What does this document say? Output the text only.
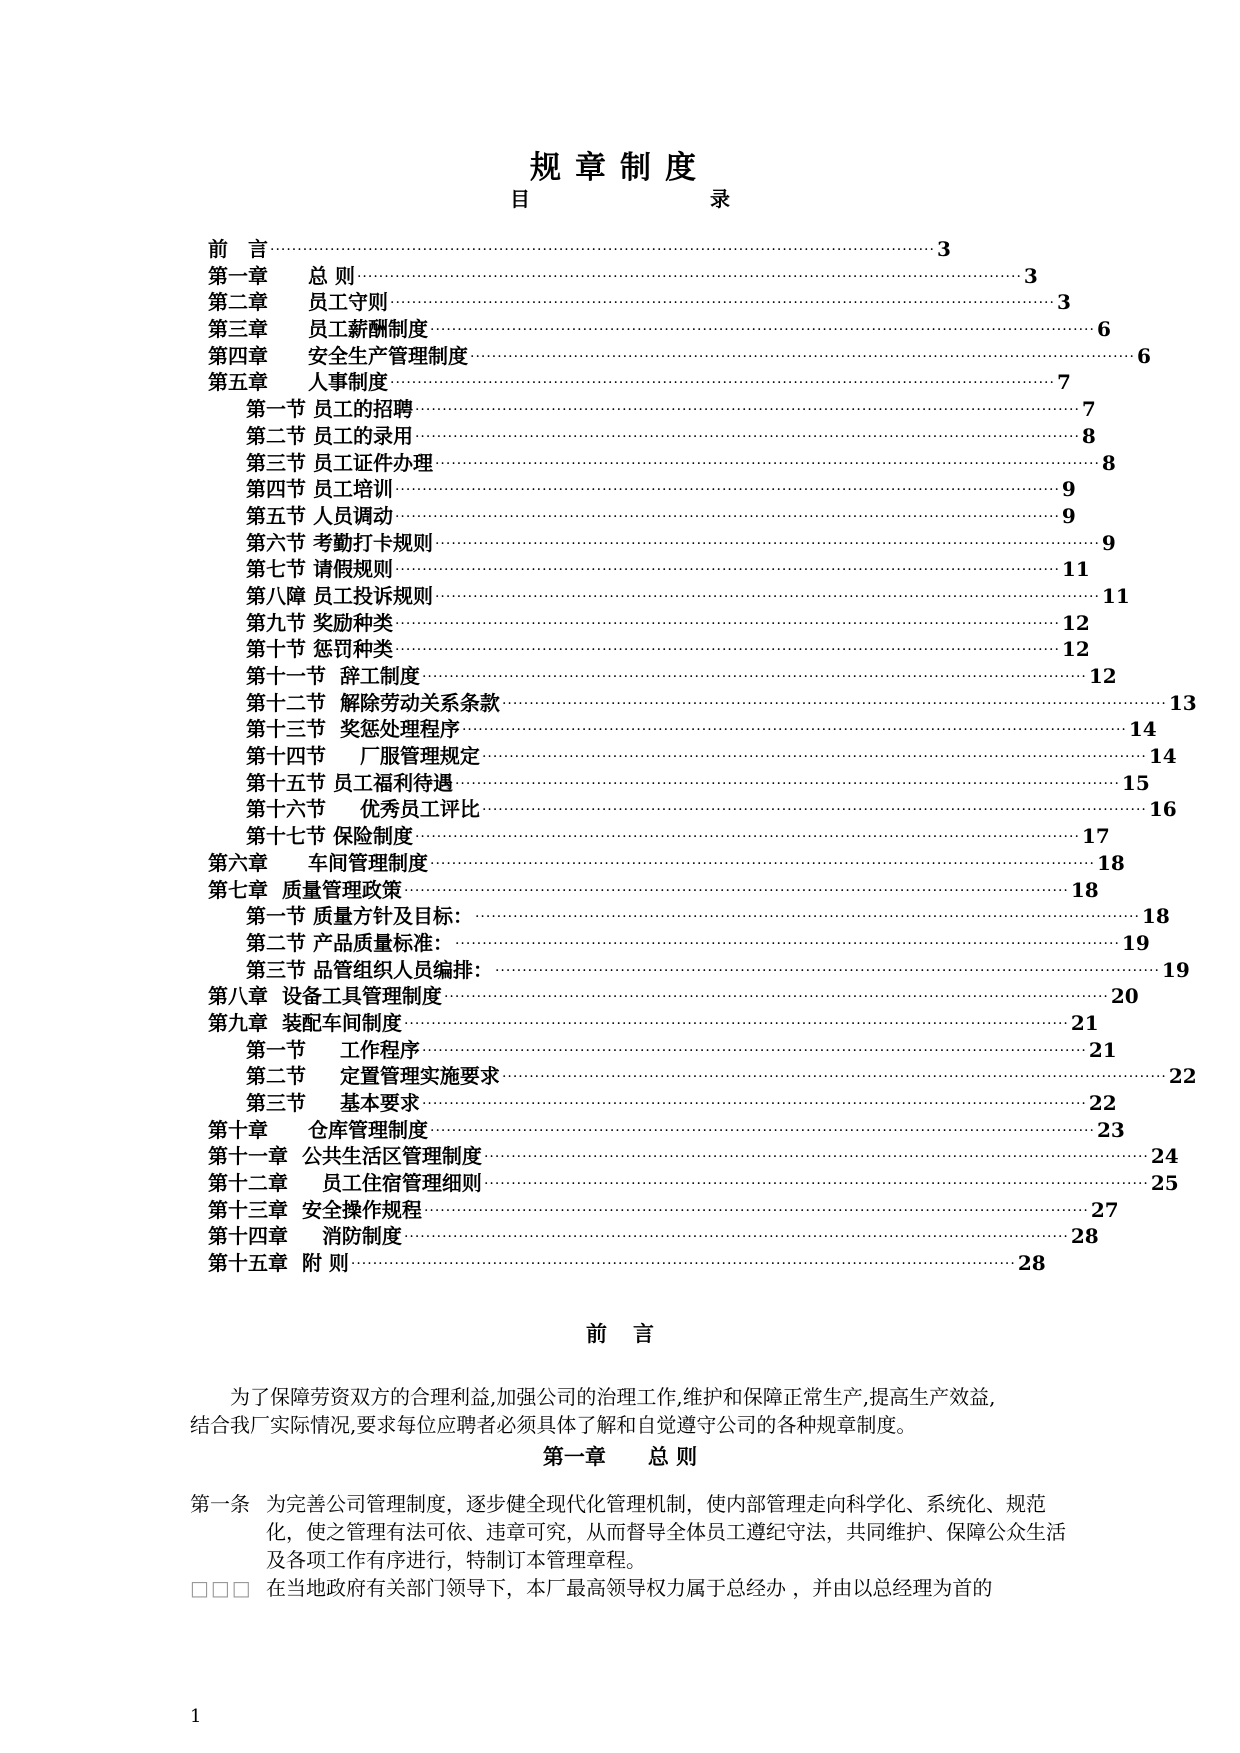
规章制度
目	录
前　言 ·························································································································· 3
第一章
　　 总 则 ·························································································································· 3
第二章
　　 员工守则 ·························································································································· 3
第三章
　　 员工薪酬制度 ·························································································································· 6
第四章
　　 安全生产管理制度 ·························································································································· 6
第五章
　　 人事制度 ·························································································································· 7
第一节
员工的招聘 ·························································································································· 7
第二节
员工的录用 ·························································································································· 8
第三节
员工证件办理 ·························································································································· 8
第四节
员工培训 ·························································································································· 9
第五节
人员调动 ·························································································································· 9
第六节
考勤打卡规则 ·························································································································· 9
第七节
请假规则 ·························································································································· 11
第八障
员工投诉规则 ·························································································································· 11
第九节
奖励种类 ·························································································································· 12
第十节
惩罚种类 ·························································································································· 12
第十一节
辞工制度 ·························································································································· 12
第十二节
解除劳动关系条款 ·························································································································· 13
第十三节
奖惩处理程序 ·························································································································· 14
第十四节
　 厂服管理规定 ·························································································································· 14
第十五节
员工福利待遇 ·························································································································· 15
第十六节
　 优秀员工评比 ·························································································································· 16
第十七节
保险制度 ·························································································································· 17
第六章
　　 车间管理制度 ·························································································································· 18
第七章
质量管理政策 ·························································································································· 18
第一节
质量方针及目标： ·························································································································· 18
第二节
产品质量标准： ·························································································································· 19
第三节
品管组织人员编排： ·························································································································· 19
第八章
设备工具管理制度 ·························································································································· 20
第九章
装配车间制度 ·························································································································· 21
第一节
　 工作程序 ·························································································································· 21
第二节
　 定置管理实施要求 ·························································································································· 22
第三节
　 基本要求 ·························································································································· 22
第十章
　　 仓库管理制度 ·························································································································· 23
第十一章
公共生活区管理制度 ·························································································································· 24
第十二章
　 员工住宿管理细则 ·························································································································· 25
第十三章
安全操作规程 ·························································································································· 27
第十四章
　 消防制度 ·························································································································· 28
第十五章
附 则 ·························································································································· 28
前 言
为了保障劳资双方的合理利益,加强公司的治理工作,维护和保障正常生产,提高生产效益,
结合我厂实际情况,要求每位应聘者必须具体了解和自觉遵守公司的各种规章制度。
第一章 总 则
第一条 为完善公司管理制度，逐步健全现代化管理机制，使内部管理走向科学化、系统化、规范化，使之管理有法可依、违章可究，从而督导全体员工遵纪守法，共同维护、保障公众生活及各项工作有序进行，特制订本管理章程。
□□□ 在当地政府有关部门领导下，本厂最高领导权力属于总经办 ，并由以总经理为首的
1
